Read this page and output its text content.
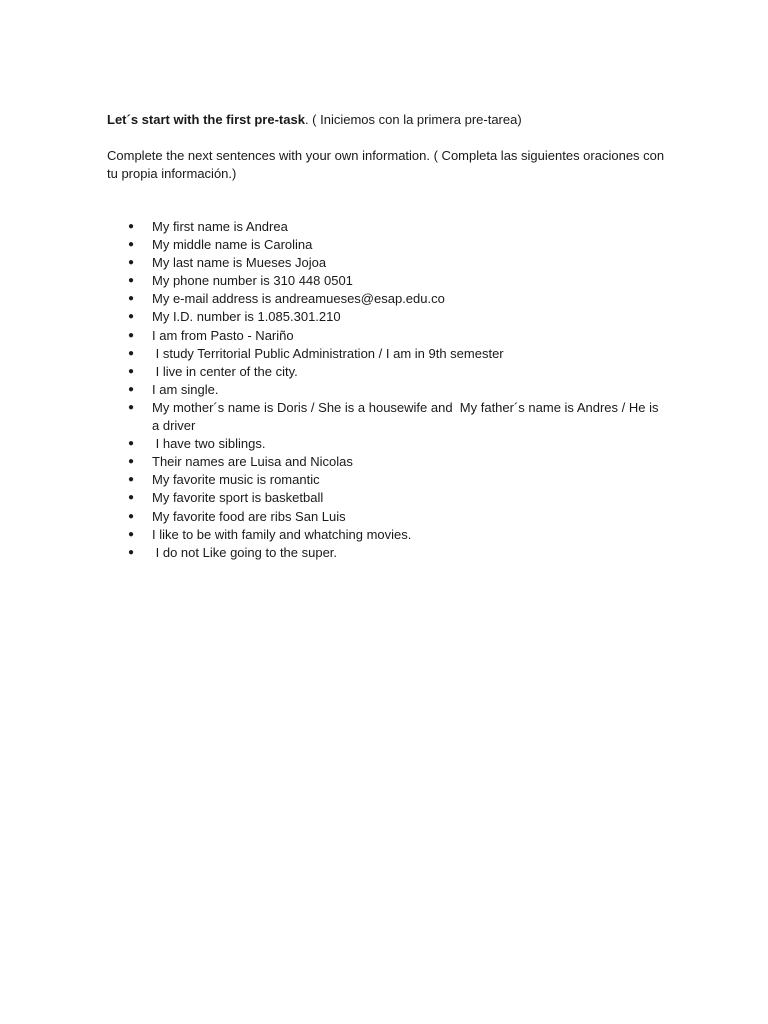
Let´s start with the first pre-task. ( Iniciemos con la primera pre-tarea)

Complete the next sentences with your own information. ( Completa las siguientes oraciones con tu propia información.)

●	My first name is Andrea
●	My middle name is Carolina
●	My last name is Mueses Jojoa
●	My phone number is 310 448 0501
●	My e-mail address is andreamueses@esap.edu.co
●	My I.D. number is 1.085.301.210
●	I am from Pasto - Nariño
●	I study Territorial Public Administration / I am in 9th semester
●	I live in center of the city.
●	I am single.
●	My mother´s name is Doris / She is a housewife and  My father´s name is Andres / He is a driver
●	I have two siblings.
●	Their names are Luisa and Nicolas
●	My favorite music is romantic
●	My favorite sport is basketball
●	My favorite food are ribs San Luis
●	I like to be with family and whatching movies.
●	I do not Like going to the super.
